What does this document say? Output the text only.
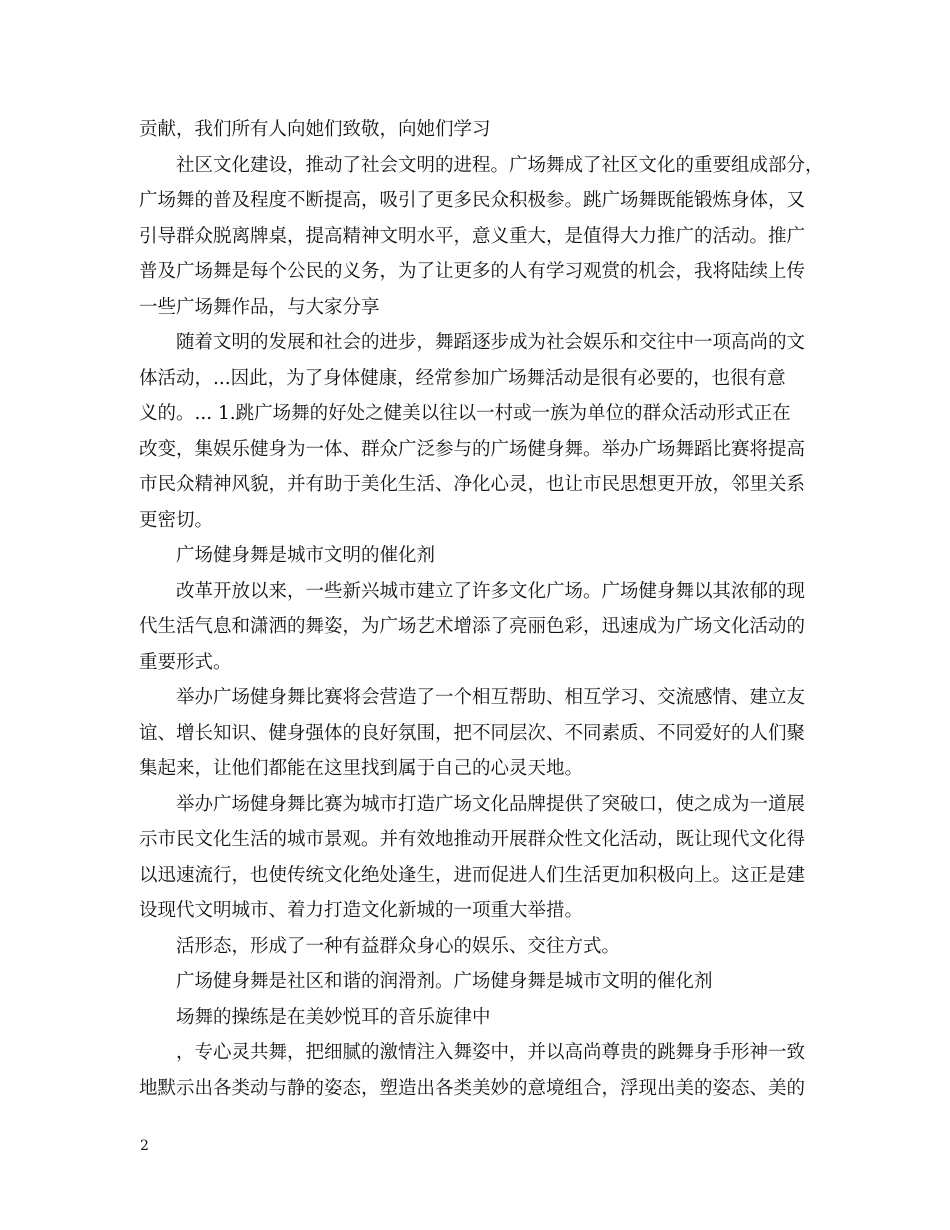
贡献，我们所有人向她们致敬，向她们学习
社区文化建设，推动了社会文明的进程。广场舞成了社区文化的重要组成部分，
广场舞的普及程度不断提高，吸引了更多民众积极参。跳广场舞既能锻炼身体，又
引导群众脱离牌桌，提高精神文明水平，意义重大，是值得大力推广的活动。推广
普及广场舞是每个公民的义务，为了让更多的人有学习观赏的机会，我将陆续上传
一些广场舞作品，与大家分享
随着文明的发展和社会的进步，舞蹈逐步成为社会娱乐和交往中一项高尚的文
体活动，...因此，为了身体健康，经常参加广场舞活动是很有必要的，也很有意
义的。... 1.跳广场舞的好处之健美以往以一村或一族为单位的群众活动形式正在
改变，集娱乐健身为一体、群众广泛参与的广场健身舞。举办广场舞蹈比赛将提高
市民众精神风貌，并有助于美化生活、净化心灵，也让市民思想更开放，邻里关系
更密切。
广场健身舞是城市文明的催化剂
改革开放以来，一些新兴城市建立了许多文化广场。广场健身舞以其浓郁的现
代生活气息和潇洒的舞姿，为广场艺术增添了亮丽色彩，迅速成为广场文化活动的
重要形式。
举办广场健身舞比赛将会营造了一个相互帮助、相互学习、交流感情、建立友
谊、增长知识、健身强体的良好氛围，把不同层次、不同素质、不同爱好的人们聚
集起来，让他们都能在这里找到属于自己的心灵天地。
举办广场健身舞比赛为城市打造广场文化品牌提供了突破口，使之成为一道展
示市民文化生活的城市景观。并有效地推动开展群众性文化活动，既让现代文化得
以迅速流行，也使传统文化绝处逢生，进而促进人们生活更加积极向上。这正是建
设现代文明城市、着力打造文化新城的一项重大举措。
活形态，形成了一种有益群众身心的娱乐、交往方式。
广场健身舞是社区和谐的润滑剂。广场健身舞是城市文明的催化剂
场舞的操练是在美妙悦耳的音乐旋律中
，专心灵共舞，把细腻的激情注入舞姿中，并以高尚尊贵的跳舞身手形神一致
地默示出各类动与静的姿态，塑造出各类美妙的意境组合，浮现出美的姿态、美的
2
